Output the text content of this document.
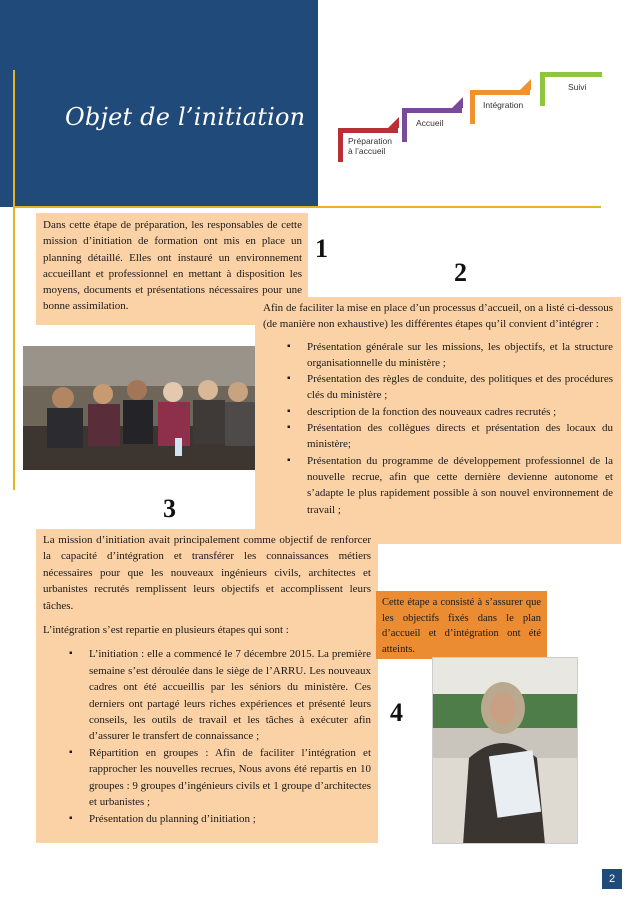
Objet de l’initiation
Préparation à l’accueil
Accueil
Intégration
Suivi
Dans cette étape de préparation, les responsables de cette mission d’initiation de formation ont mis en place un planning détaillé. Elles ont instauré un environnement accueillant et professionnel en mettant à disposition les moyens, documents et présentations nécessaires pour une bonne assimilation.
1
2
Afin de faciliter la mise en place d’un processus d’accueil, on a listé ci-dessous (de manière non exhaustive) les différentes étapes qu’il convient d’intégrer :
▪ Présentation générale sur les missions, les objectifs, et la structure organisationnelle du ministère ;
▪ Présentation des règles de conduite, des politiques et des procédures clés du ministère ;
▪ description de la fonction des nouveaux cadres recrutés ;
▪ Présentation des collègues directs et présentation des locaux du ministère;
▪ Présentation du programme de développement professionnel de la nouvelle recrue, afin que cette dernière devienne autonome et s’adapte le plus rapidement possible à son nouvel environnement de travail ;
3
La mission d’initiation avait principalement comme objectif de renforcer la capacité d’intégration et transférer les connaissances métiers nécessaires pour que les nouveaux ingénieurs civils, architectes et urbanistes recrutés remplissent leurs objectifs et accomplissent leurs tâches.
L’intégration s’est repartie en plusieurs étapes qui sont :
▪ L’initiation : elle a commencé le 7 décembre 2015. La première semaine s’est déroulée dans le siège de l’ARRU. Les nouveaux cadres ont été accueillis par les séniors du ministère. Ces derniers ont partagé leurs riches expériences et présenté leurs conseils, les outils de travail et les tâches à exécuter afin d’assurer le transfert de connaissance ;
▪ Répartition en groupes : Afin de faciliter l’intégration et rapprocher les nouvelles recrues, Nous avons été repartis en 10 groupes : 9 groupes d’ingénieurs civils et 1 groupe d’architectes et urbanistes ;
▪ Présentation du planning d’initiation ;
Cette étape a consisté à s’assurer que les objectifs fixés dans le plan d’accueil et d’intégration ont été atteints.
4
2
